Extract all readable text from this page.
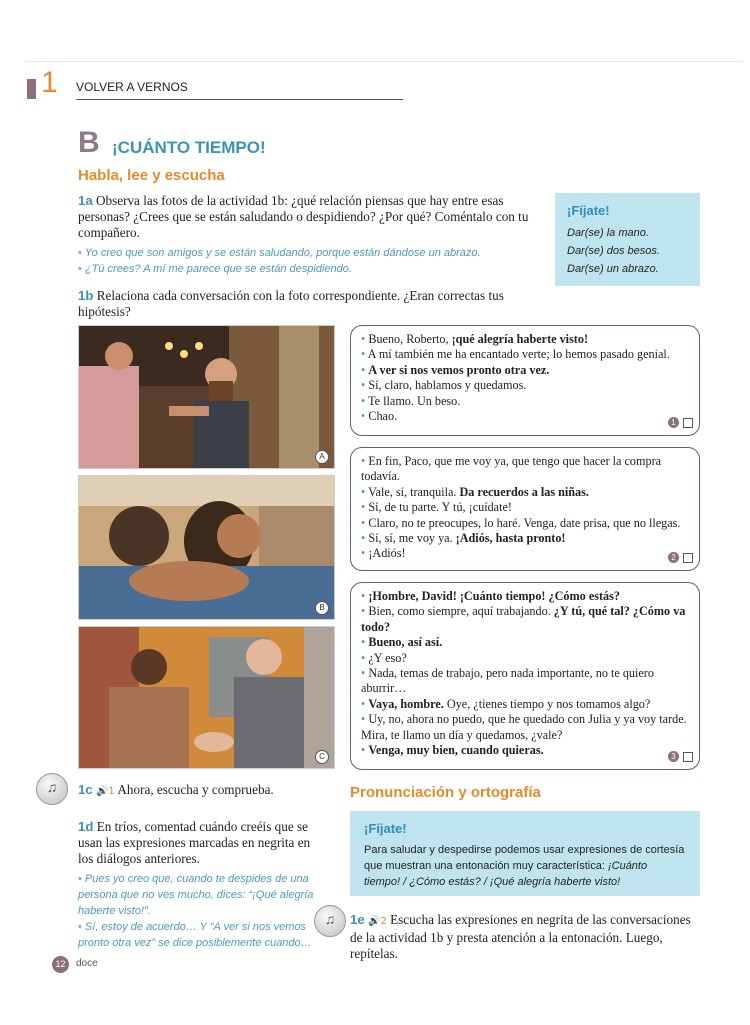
1 VOLVER A VERNOS
B ¡CUÁNTO TIEMPO!
Habla, lee y escucha
1a Observa las fotos de la actividad 1b: ¿qué relación piensas que hay entre esas personas? ¿Crees que se están saludando o despidiendo? ¿Por qué? Coméntalo con tu compañero.
• Yo creo que son amigos y se están saludando, porque están dándose un abrazo.
• ¿Tú crees? A mí me parece que se están despidiendo.
¡Fíjate!
Dar(se) la mano.
Dar(se) dos besos.
Dar(se) un abrazo.
1b Relaciona cada conversación con la foto correspondiente. ¿Eran correctas tus hipótesis?
A
B
C
• Bueno, Roberto, ¡qué alegría haberte visto!
• A mí también me ha encantado verte; lo hemos pasado genial.
• A ver si nos vemos pronto otra vez.
• Sí, claro, hablamos y quedamos.
• Te llamo. Un beso.
• Chao.	1
• En fin, Paco, que me voy ya, que tengo que hacer la compra todavía.
• Vale, sí, tranquila. Da recuerdos a las niñas.
• Sí, de tu parte. Y tú, ¡cuídate!
• Claro, no te preocupes, lo haré. Venga, date prisa, que no llegas.
• Sí, sí, me voy ya. ¡Adiós, hasta pronto!
• ¡Adiós!	2
• ¡Hombre, David! ¡Cuánto tiempo! ¿Cómo estás?
• Bien, como siempre, aquí trabajando. ¿Y tú, qué tal? ¿Cómo va todo?
• Bueno, así así.
• ¿Y eso?
• Nada, temas de trabajo, pero nada importante, no te quiero aburrir…
• Vaya, hombre. Oye, ¿tienes tiempo y nos tomamos algo?
• Uy, no, ahora no puedo, que he quedado con Julia y ya voy tarde. Mira, te llamo un día y quedamos, ¿vale?
• Venga, muy bien, cuando quieras.	3
♫ 1c 🔊1 Ahora, escucha y comprueba.
1d En tríos, comentad cuándo creéis que se usan las expresiones marcadas en negrita en los diálogos anteriores.
• Pues yo creo que, cuando te despides de una persona que no ves mucho, dices: “¡Qué alegría haberte visto!”.
• Sí, estoy de acuerdo… Y “A ver si nos vemos pronto otra vez” se dice posiblemente cuando…
Pronunciación y ortografía
¡Fíjate!
Para saludar y despedirse podemos usar expresiones de cortesía que muestran una entonación muy característica: ¡Cuánto tiempo! / ¿Cómo estás? / ¡Qué alegría haberte visto!
♫ 1e 🔊2 Escucha las expresiones en negrita de las conversaciones de la actividad 1b y presta atención a la entonación. Luego, repítelas.
12	doce
